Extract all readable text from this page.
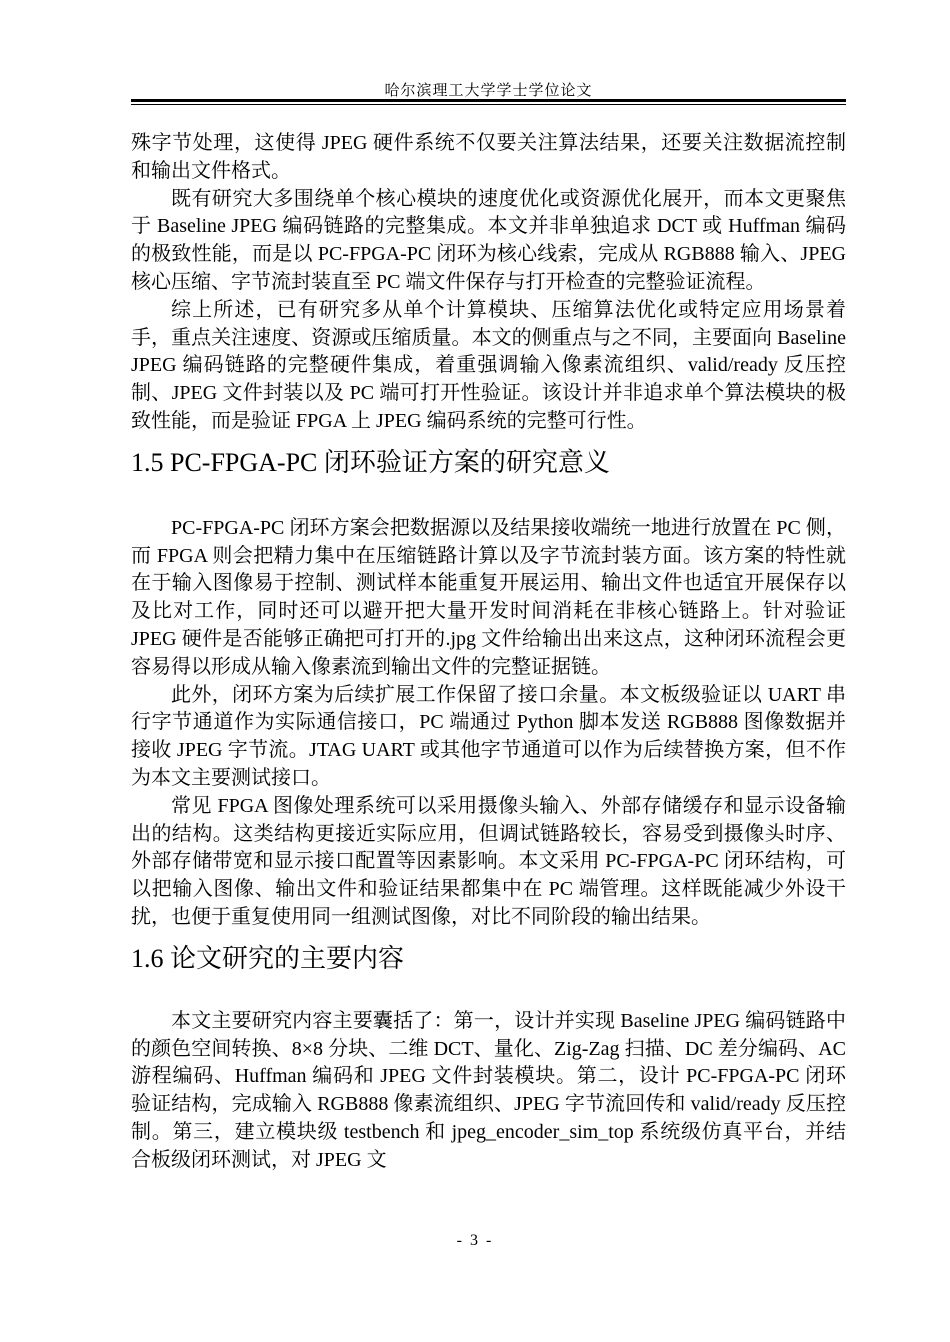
哈尔滨理工大学学士学位论文

殊字节处理，这使得 JPEG 硬件系统不仅要关注算法结果，还要关注数据流控制和输出文件格式。

既有研究大多围绕单个核心模块的速度优化或资源优化展开，而本文更聚焦于 Baseline JPEG 编码链路的完整集成。本文并非单独追求 DCT 或 Huffman 编码的极致性能，而是以 PC-FPGA-PC 闭环为核心线索，完成从 RGB888 输入、JPEG 核心压缩、字节流封装直至 PC 端文件保存与打开检查的完整验证流程。

综上所述，已有研究多从单个计算模块、压缩算法优化或特定应用场景着手，重点关注速度、资源或压缩质量。本文的侧重点与之不同，主要面向 Baseline JPEG 编码链路的完整硬件集成，着重强调输入像素流组织、valid/ready 反压控制、JPEG 文件封装以及 PC 端可打开性验证。该设计并非追求单个算法模块的极致性能，而是验证 FPGA 上 JPEG 编码系统的完整可行性。

1.5 PC-FPGA-PC 闭环验证方案的研究意义

PC-FPGA-PC 闭环方案会把数据源以及结果接收端统一地进行放置在 PC 侧，而 FPGA 则会把精力集中在压缩链路计算以及字节流封装方面。该方案的特性就在于输入图像易于控制、测试样本能重复开展运用、输出文件也适宜开展保存以及比对工作，同时还可以避开把大量开发时间消耗在非核心链路上。针对验证 JPEG 硬件是否能够正确把可打开的.jpg 文件给输出出来这点，这种闭环流程会更容易得以形成从输入像素流到输出文件的完整证据链。

此外，闭环方案为后续扩展工作保留了接口余量。本文板级验证以 UART 串行字节通道作为实际通信接口，PC 端通过 Python 脚本发送 RGB888 图像数据并接收 JPEG 字节流。JTAG UART 或其他字节通道可以作为后续替换方案，但不作为本文主要测试接口。

常见 FPGA 图像处理系统可以采用摄像头输入、外部存储缓存和显示设备输出的结构。这类结构更接近实际应用，但调试链路较长，容易受到摄像头时序、外部存储带宽和显示接口配置等因素影响。本文采用 PC-FPGA-PC 闭环结构，可以把输入图像、输出文件和验证结果都集中在 PC 端管理。这样既能减少外设干扰，也便于重复使用同一组测试图像，对比不同阶段的输出结果。

1.6 论文研究的主要内容

本文主要研究内容主要囊括了：第一，设计并实现 Baseline JPEG 编码链路中的颜色空间转换、8×8 分块、二维 DCT、量化、Zig-Zag 扫描、DC 差分编码、AC 游程编码、Huffman 编码和 JPEG 文件封装模块。第二，设计 PC-FPGA-PC 闭环验证结构，完成输入 RGB888 像素流组织、JPEG 字节流回传和 valid/ready 反压控制。第三，建立模块级 testbench 和 jpeg_encoder_sim_top 系统级仿真平台，并结合板级闭环测试，对 JPEG 文

- 3 -
